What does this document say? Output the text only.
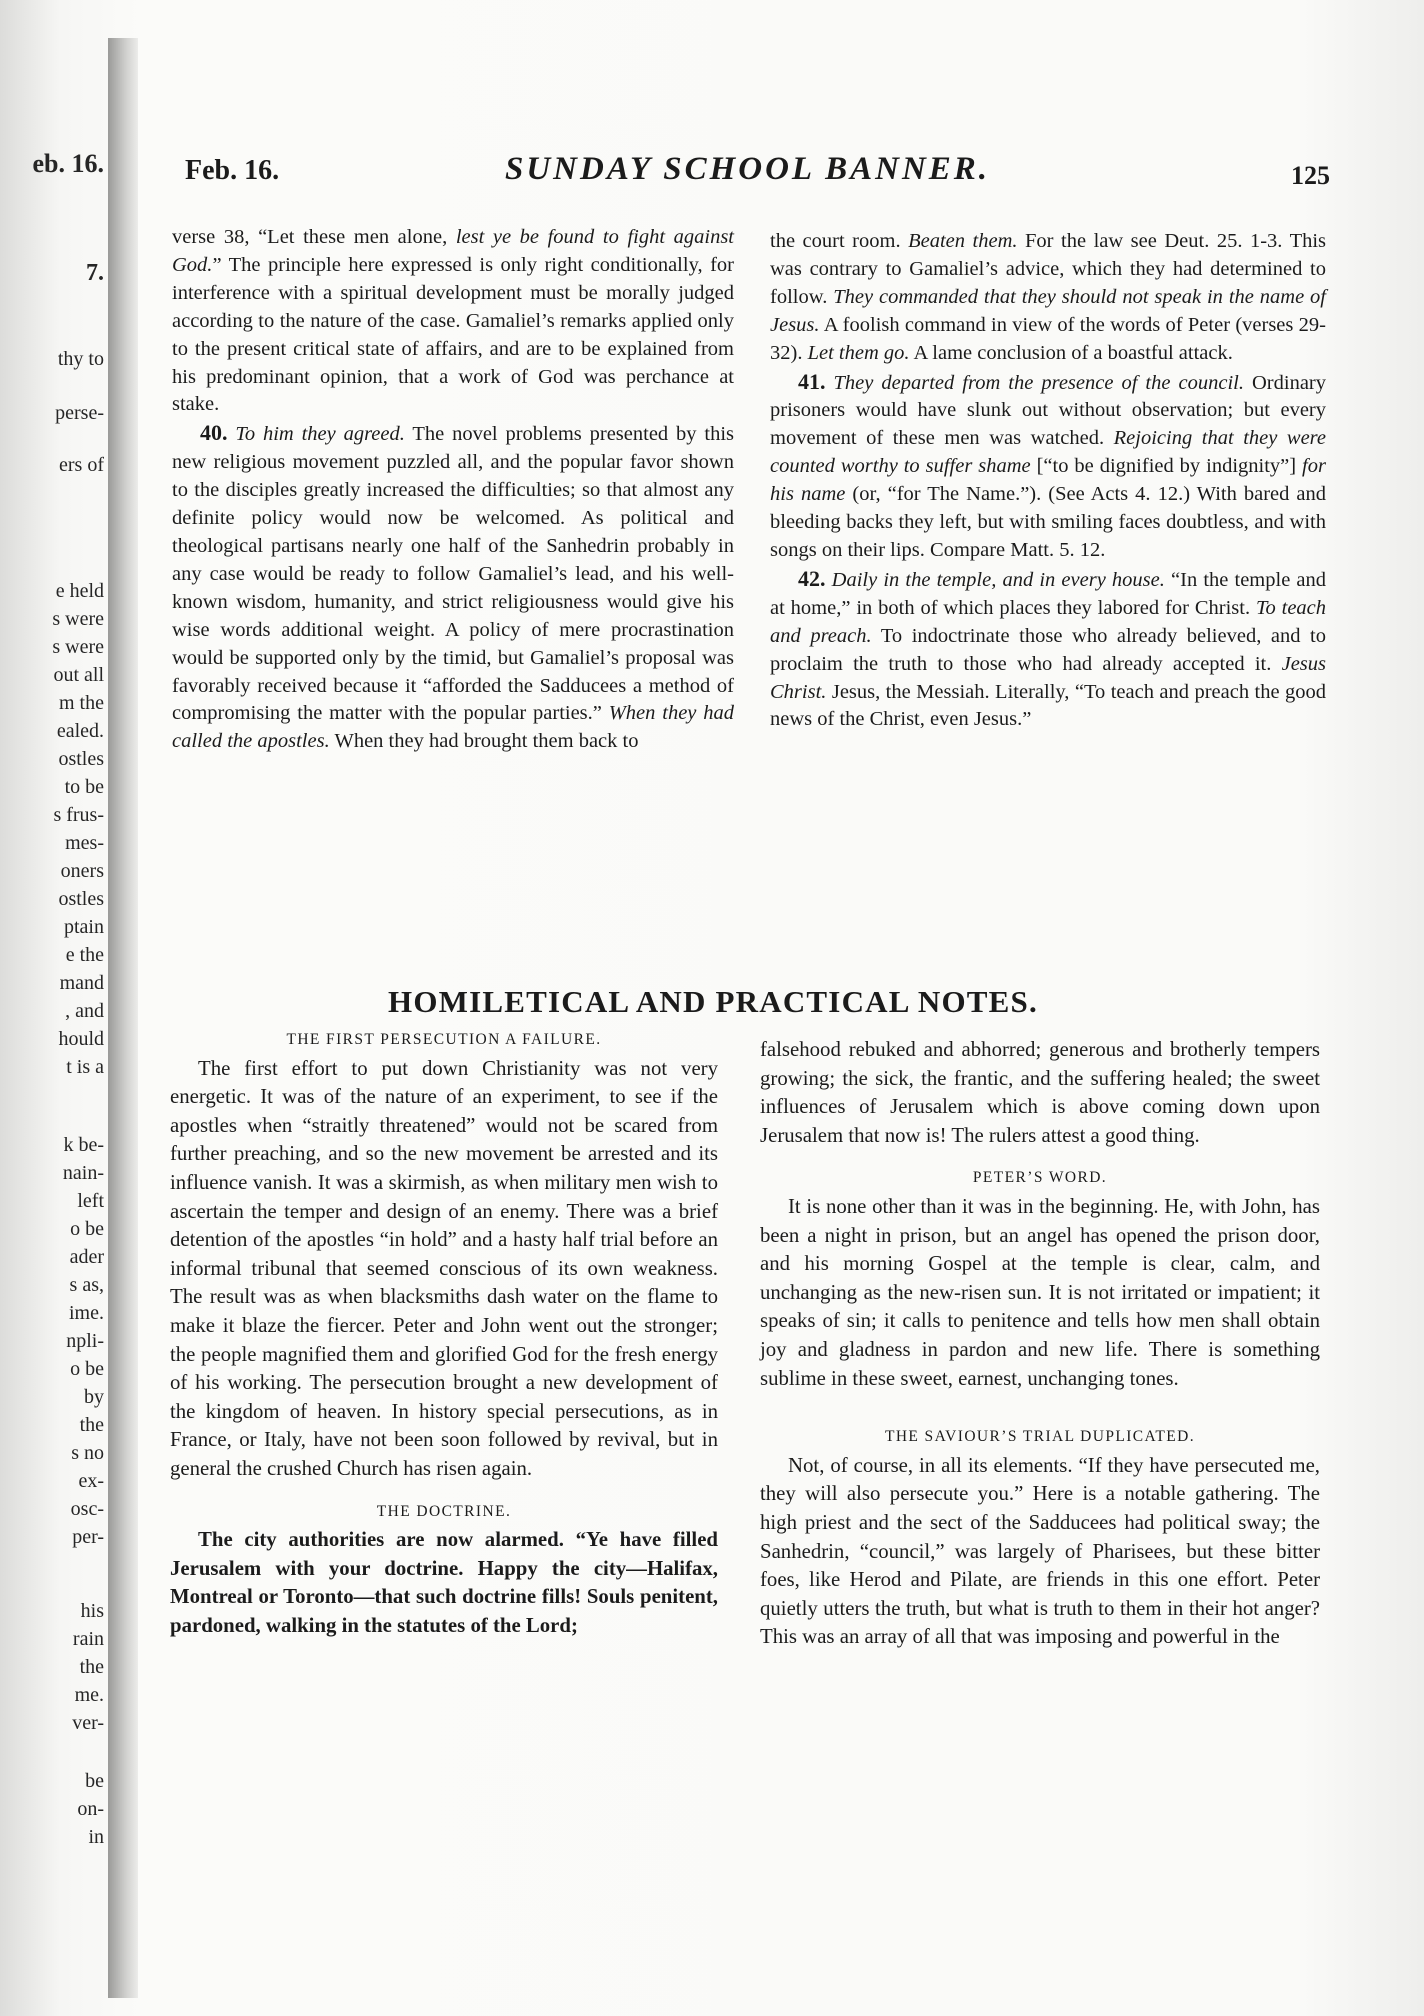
eb. 16.
7.
thy to
perse-
ers of
e held
s were
s were
out all
m the
ealed.
ostles
to be
s frus-
mes-
oners
ostles
ptain
e the
mand
, and
hould
t is a
k be-
nain-
left
o be
ader
s as,
ime.
npli-
o be
by
the
s no
ex-
osc-
per-
his
rain
the
me.
ver-
be
on-
in
Feb. 16.	SUNDAY SCHOOL BANNER.	125

verse 38, “Let these men alone, lest ye be found to fight against God.” The principle here expressed is only right conditionally, for interference with a spiritual development must be morally judged according to the nature of the case. Gamaliel’s remarks applied only to the present critical state of affairs, and are to be explained from his predominant opinion, that a work of God was perchance at stake.

40. To him they agreed. The novel problems presented by this new religious movement puzzled all, and the popular favor shown to the disciples greatly increased the difficulties; so that almost any definite policy would now be welcomed. As political and theological partisans nearly one half of the Sanhedrin probably in any case would be ready to follow Gamaliel’s lead, and his well-known wisdom, humanity, and strict religiousness would give his wise words additional weight. A policy of mere procrastination would be supported only by the timid, but Gamaliel’s proposal was favorably received because it “afforded the Sadducees a method of compromising the matter with the popular parties.” When they had called the apostles. When they had brought them back to

the court room. Beaten them. For the law see Deut. 25. 1-3. This was contrary to Gamaliel’s advice, which they had determined to follow. They commanded that they should not speak in the name of Jesus. A foolish command in view of the words of Peter (verses 29-32). Let them go. A lame conclusion of a boastful attack.

41. They departed from the presence of the council. Ordinary prisoners would have slunk out without observation; but every movement of these men was watched. Rejoicing that they were counted worthy to suffer shame [“to be dignified by indignity”] for his name (or, “for The Name.”). (See Acts 4. 12.) With bared and bleeding backs they left, but with smiling faces doubtless, and with songs on their lips. Compare Matt. 5. 12.

42. Daily in the temple, and in every house. “In the temple and at home,” in both of which places they labored for Christ. To teach and preach. To indoctrinate those who already believed, and to proclaim the truth to those who had already accepted it. Jesus Christ. Jesus, the Messiah. Literally, “To teach and preach the good news of the Christ, even Jesus.”

HOMILETICAL AND PRACTICAL NOTES.

THE FIRST PERSECUTION A FAILURE.

The first effort to put down Christianity was not very energetic. It was of the nature of an experiment, to see if the apostles when “straitly threatened” would not be scared from further preaching, and so the new movement be arrested and its influence vanish. It was a skirmish, as when military men wish to ascertain the temper and design of an enemy. There was a brief detention of the apostles “in hold” and a hasty half trial before an informal tribunal that seemed conscious of its own weakness. The result was as when blacksmiths dash water on the flame to make it blaze the fiercer. Peter and John went out the stronger; the people magnified them and glorified God for the fresh energy of his working. The persecution brought a new development of the kingdom of heaven. In history special persecutions, as in France, or Italy, have not been soon followed by revival, but in general the crushed Church has risen again.

THE DOCTRINE.

The city authorities are now alarmed. “Ye have filled Jerusalem with your doctrine. Happy the city—Halifax, Montreal or Toronto—that such doctrine fills! Souls penitent, pardoned, walking in the statutes of the Lord;

falsehood rebuked and abhorred; generous and brotherly tempers growing; the sick, the frantic, and the suffering healed; the sweet influences of Jerusalem which is above coming down upon Jerusalem that now is! The rulers attest a good thing.

PETER’S WORD.

It is none other than it was in the beginning. He, with John, has been a night in prison, but an angel has opened the prison door, and his morning Gospel at the temple is clear, calm, and unchanging as the new-risen sun. It is not irritated or impatient; it speaks of sin; it calls to penitence and tells how men shall obtain joy and gladness in pardon and new life. There is something sublime in these sweet, earnest, unchanging tones.

THE SAVIOUR’S TRIAL DUPLICATED.

Not, of course, in all its elements. “If they have persecuted me, they will also persecute you.” Here is a notable gathering. The high priest and the sect of the Sadducees had political sway; the Sanhedrin, “council,” was largely of Pharisees, but these bitter foes, like Herod and Pilate, are friends in this one effort. Peter quietly utters the truth, but what is truth to them in their hot anger? This was an array of all that was imposing and powerful in the
